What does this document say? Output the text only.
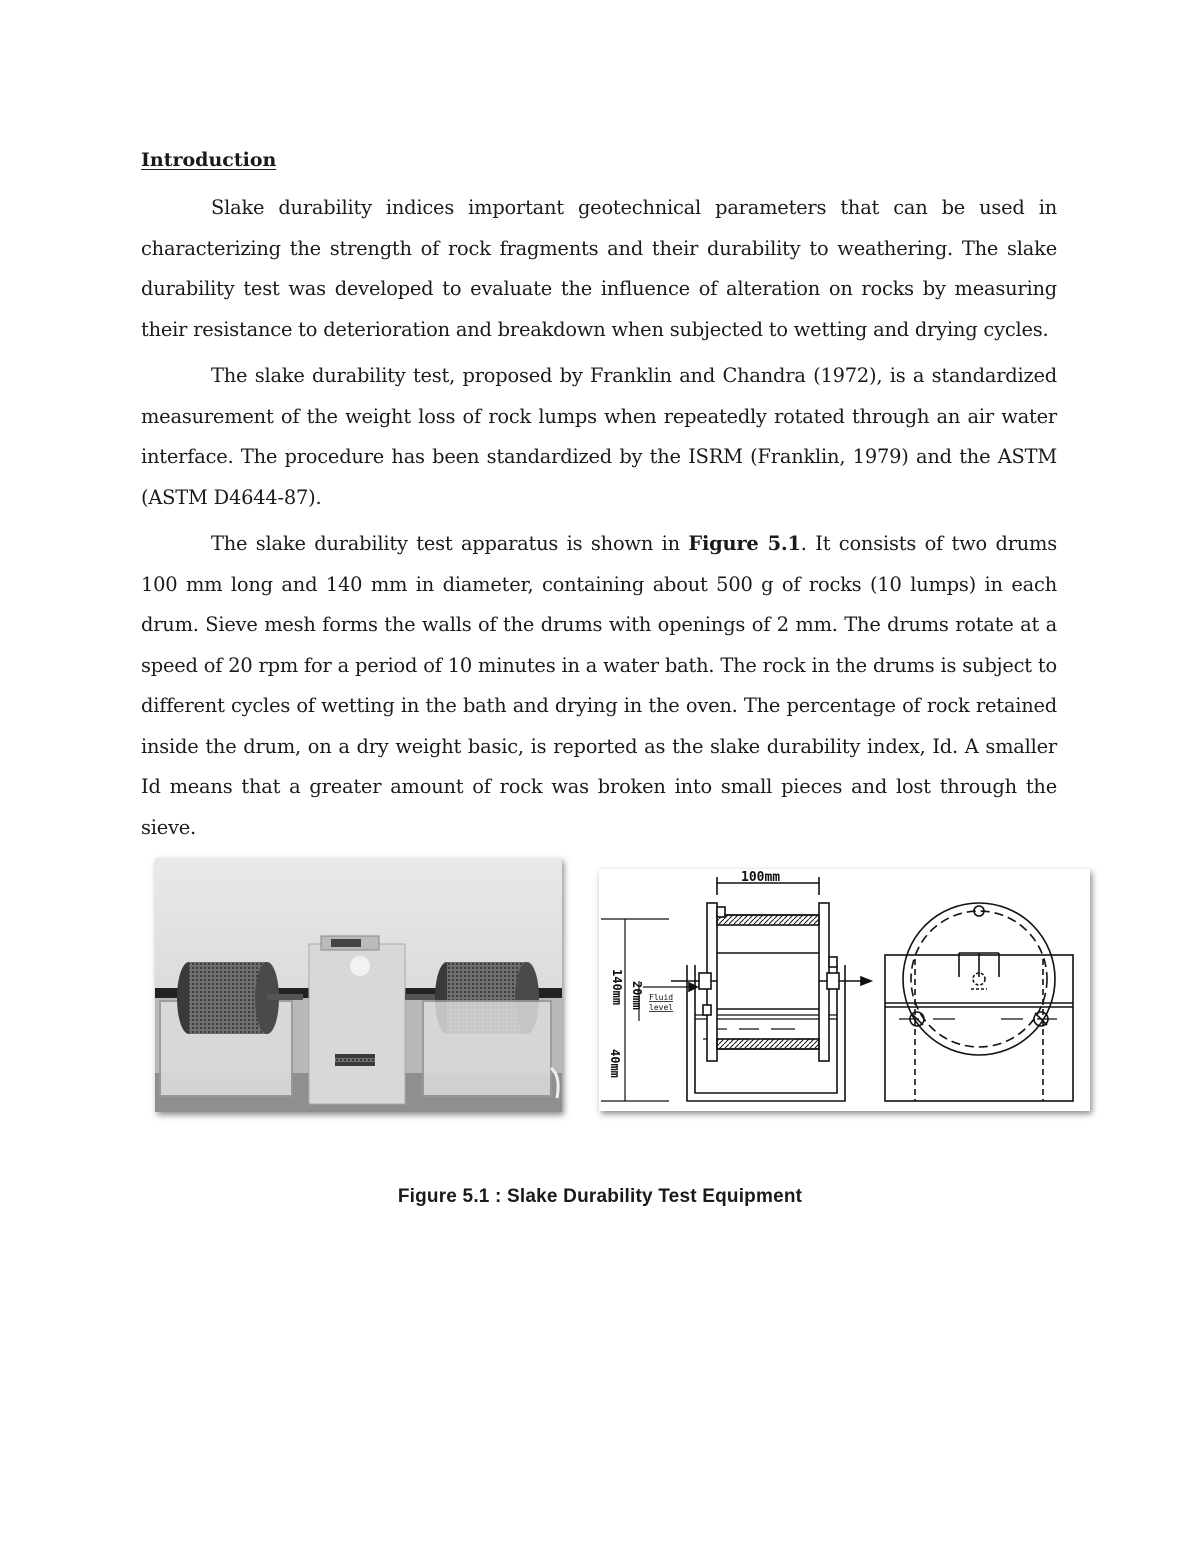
Introduction

Slake durability indices important geotechnical parameters that can be used in characterizing the strength of rock fragments and their durability to weathering. The slake durability test was developed to evaluate the influence of alteration on rocks by measuring their resistance to deterioration and breakdown when subjected to wetting and drying cycles.

The slake durability test, proposed by Franklin and Chandra (1972), is a standardized measurement of the weight loss of rock lumps when repeatedly rotated through an air water interface. The procedure has been standardized by the ISRM (Franklin, 1979) and the ASTM (ASTM D4644-87).

The slake durability test apparatus is shown in Figure 5.1. It consists of two drums 100 mm long and 140 mm in diameter, containing about 500 g of rocks (10 lumps) in each drum. Sieve mesh forms the walls of the drums with openings of 2 mm. The drums rotate at a speed of 20 rpm for a period of 10 minutes in a water bath. The rock in the drums is subject to different cycles of wetting in the bath and drying in the oven. The percentage of rock retained inside the drum, on a dry weight basic, is reported as the slake durability index, Id. A smaller Id means that a greater amount of rock was broken into small pieces and lost through the sieve.

100mm
140mm
40mm
20mm Fluid
level

Figure 5.1 : Slake Durability Test Equipment
